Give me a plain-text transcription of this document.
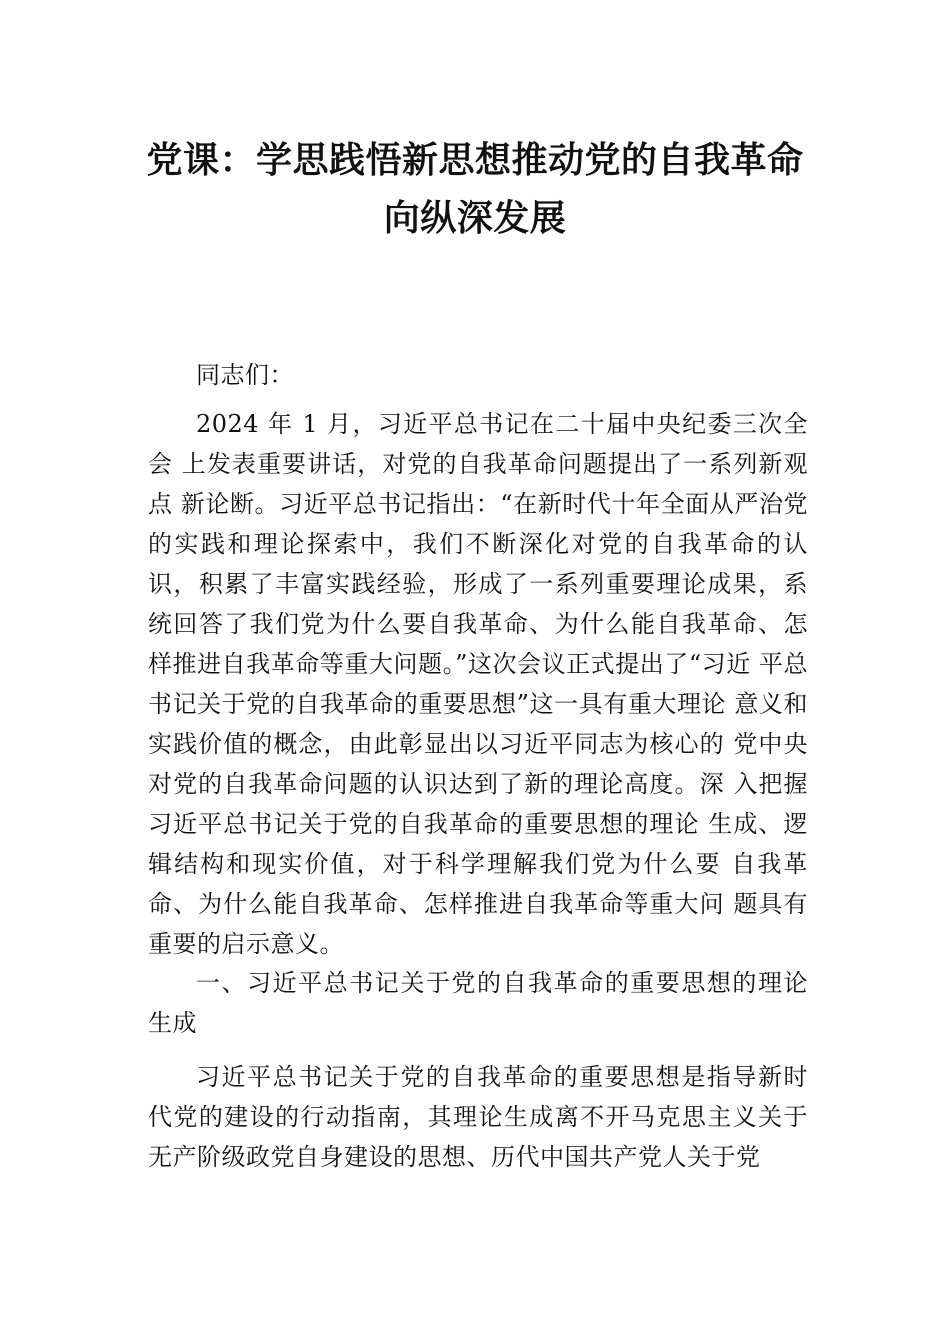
党课：学思践悟新思想推动党的自我革命
向纵深发展
同志们：

2024 年 1 月，习近平总书记在二十届中央纪委三次全会 上发表重要讲话，对党的自我革命问题提出了一系列新观点 新论断。习近平总书记指出：“在新时代十年全面从严治党 的实践和理论探索中，我们不断深化对党的自我革命的认 识，积累了丰富实践经验，形成了一系列重要理论成果，系 统回答了我们党为什么要自我革命、为什么能自我革命、怎 样推进自我革命等重大问题。”这次会议正式提出了“习近 平总书记关于党的自我革命的重要思想”这一具有重大理论 意义和实践价值的概念，由此彰显出以习近平同志为核心的 党中央对党的自我革命问题的认识达到了新的理论高度。深 入把握习近平总书记关于党的自我革命的重要思想的理论 生成、逻辑结构和现实价值，对于科学理解我们党为什么要 自我革命、为什么能自我革命、怎样推进自我革命等重大问 题具有重要的启示意义。

一、习近平总书记关于党的自我革命的重要思想的理论生成

习近平总书记关于党的自我革命的重要思想是指导新时代党的建设的行动指南，其理论生成离不开马克思主义关于无产阶级政党自身建设的思想、历代中国共产党人关于党
